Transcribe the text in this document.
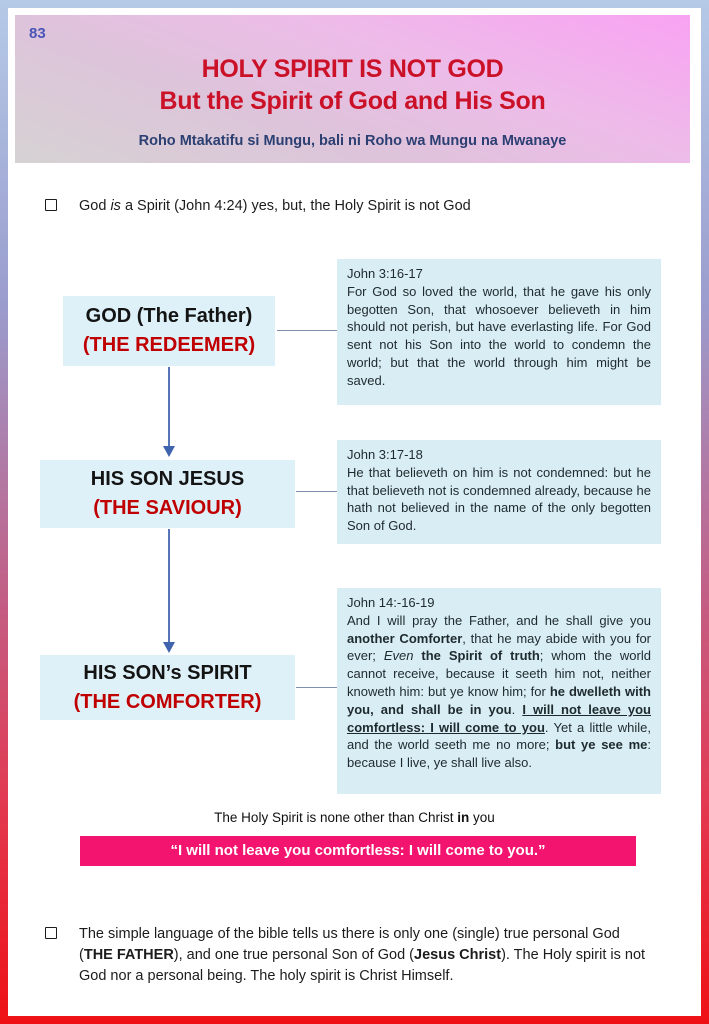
83
HOLY SPIRIT IS NOT GOD
But the Spirit of God and His Son
Roho Mtakatifu si Mungu, bali ni Roho wa Mungu na Mwanaye
God is a Spirit (John 4:24) yes, but, the Holy Spirit is not God
GOD (The Father)
(THE REDEEMER)
John 3:16-17
For God so loved the world, that he gave his only begotten Son, that whosoever believeth in him should not perish, but have everlasting life. For God sent not his Son into the world to condemn the world; but that the world through him might be saved.
HIS SON JESUS
(THE SAVIOUR)
John 3:17-18
He that believeth on him is not condemned: but he that believeth not is condemned already, because he hath not believed in the name of the only begotten Son of God.
HIS SON’s SPIRIT
(THE COMFORTER)
John 14:-16-19
And I will pray the Father, and he shall give you another Comforter, that he may abide with you for ever; Even the Spirit of truth; whom the world cannot receive, because it seeth him not, neither knoweth him: but ye know him; for he dwelleth with you, and shall be in you. I will not leave you comfortless: I will come to you. Yet a little while, and the world seeth me no more; but ye see me: because I live, ye shall live also.
The Holy Spirit is none other than Christ in you
“I will not leave you comfortless: I will come to you.”
The simple language of the bible tells us there is only one (single) true personal God (THE FATHER), and one true personal Son of God (Jesus Christ). The Holy spirit is not God nor a personal being. The holy spirit is Christ Himself.
